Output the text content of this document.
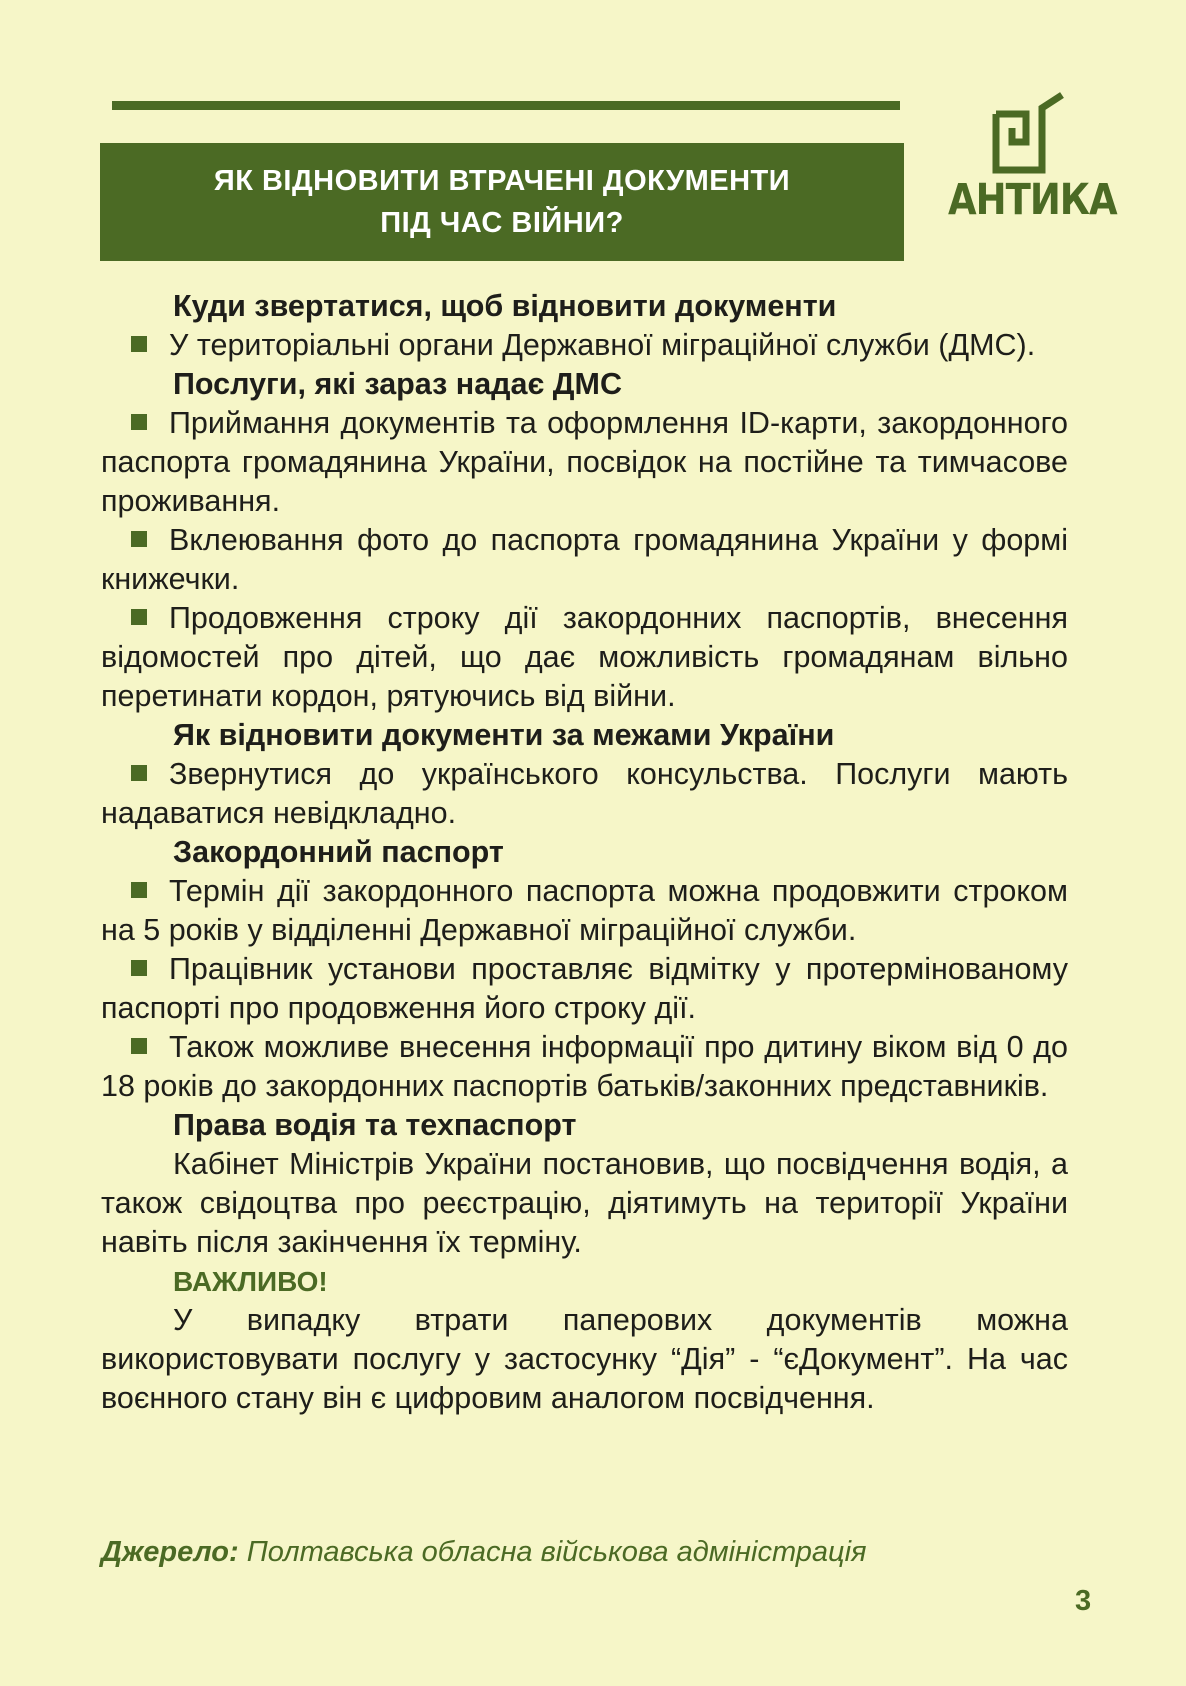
ЯК ВІДНОВИТИ ВТРАЧЕНІ ДОКУМЕНТИ
ПІД ЧАС ВІЙНИ?	АНТИКА

Куди звертатися, щоб відновити документи

У територіальні органи Державної міграційної служби (ДМС).

Послуги, які зараз надає ДМС

Приймання документів та оформлення ID-карти, закордонного паспорта громадянина України, посвідок на постійне та тимчасове проживання.

Вклеювання фото до паспорта громадянина України у формі книжечки.

Продовження строку дії закордонних паспортів, внесення відомостей про дітей, що дає можливість громадянам вільно перетинати кордон, рятуючись від війни.

Як відновити документи за межами України

Звернутися до українського консульства. Послуги мають надаватися невідкладно.

Закордонний паспорт

Термін дії закордонного паспорта можна продовжити строком на 5 років у відділенні Державної міграційної служби.

Працівник установи проставляє відмітку у протермінованому паспорті про продовження його строку дії.

Також можливе внесення інформації про дитину віком від 0 до 18 років до закордонних паспортів батьків/законних представників.

Права водія та техпаспорт

Кабінет Міністрів України постановив, що посвідчення водія, а також свідоцтва про реєстрацію, діятимуть на території України навіть після закінчення їх терміну.

ВАЖЛИВО!

У випадку втрати паперових документів можна використовувати послугу у застосунку “Дія” - “єДокумент”. На час воєнного стану він є цифровим аналогом посвідчення.

Джерело: Полтавська обласна військова адміністрація
3
